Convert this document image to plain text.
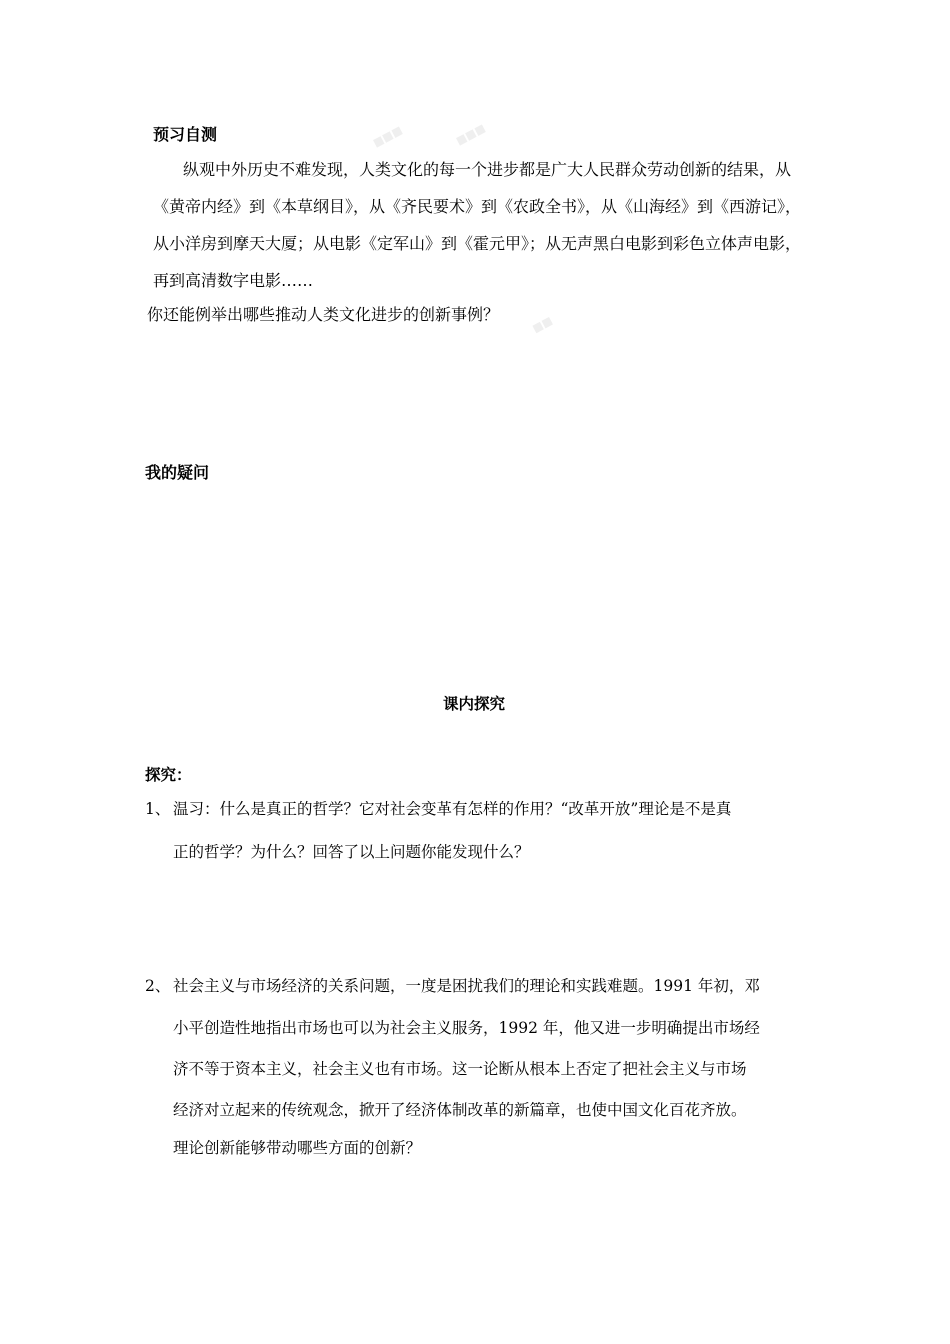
■■■	■■■
■■
预习自测
纵观中外历史不难发现，人类文化的每一个进步都是广大人民群众劳动创新的结果，从
《黄帝内经》到《本草纲目》，从《齐民要术》到《农政全书》，从《山海经》到《西游记》，
从小洋房到摩天大厦；从电影《定军山》到《霍元甲》；从无声黑白电影到彩色立体声电影，
再到高清数字电影……
你还能例举出哪些推动人类文化进步的创新事例？
我的疑问
课内探究
探究：
1、 温习：什么是真正的哲学？它对社会变革有怎样的作用？“改革开放”理论是不是真
正的哲学？为什么？回答了以上问题你能发现什么？
2、 社会主义与市场经济的关系问题，一度是困扰我们的理论和实践难题。1991 年初，邓
小平创造性地指出市场也可以为社会主义服务，1992 年，他又进一步明确提出市场经
济不等于资本主义，社会主义也有市场。这一论断从根本上否定了把社会主义与市场
经济对立起来的传统观念，掀开了经济体制改革的新篇章，也使中国文化百花齐放。
理论创新能够带动哪些方面的创新？
